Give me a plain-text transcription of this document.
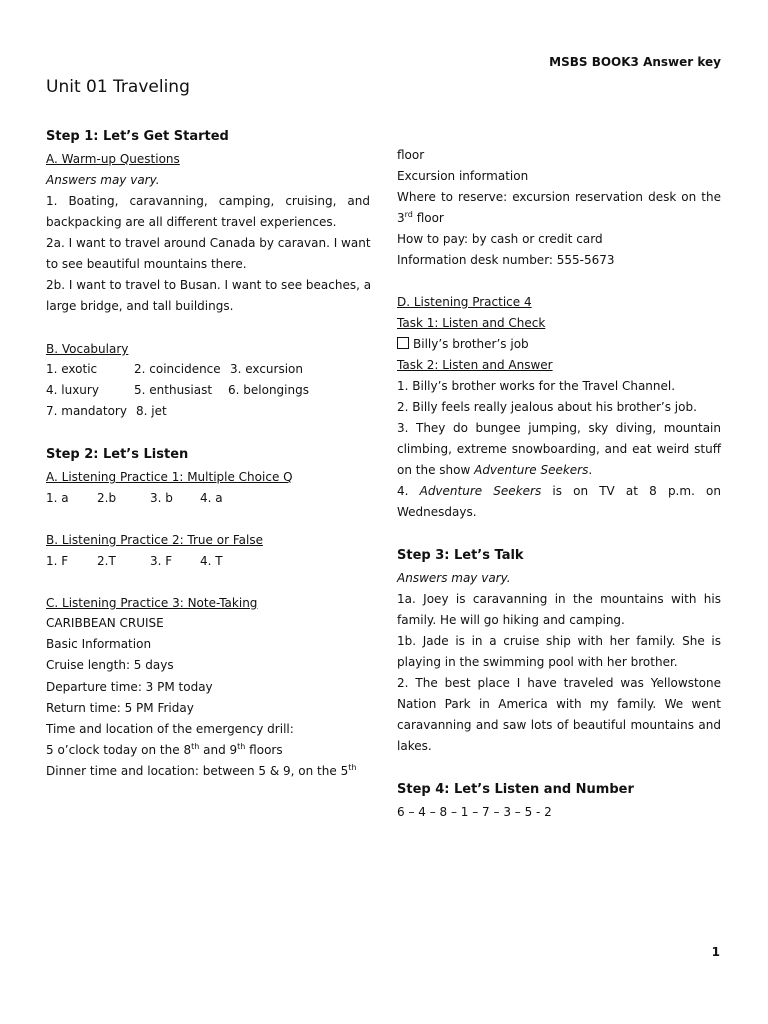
MSBS BOOK3 Answer key
Unit 01 Traveling
Step 1: Let’s Get Started
A. Warm-up Questions
Answers may vary.
1. Boating, caravanning, camping, cruising, and
backpacking are all different travel experiences.
2a. I want to travel around Canada by caravan. I want
to see beautiful mountains there.
2b. I want to travel to Busan. I want to see beaches, a
large bridge, and tall buildings.
B. Vocabulary
1. exotic	2. coincidence 3. excursion
4. luxury	5. enthusiast 6. belongings
7. mandatory 8. jet
Step 2: Let’s Listen
A. Listening Practice 1: Multiple Choice Q
1. a 2.b	3. b 4. a
B. Listening Practice 2: True or False
1. F 2.T	3. F 4. T
C. Listening Practice 3: Note-Taking
CARIBBEAN CRUISE
Basic Information
Cruise length: 5 days
Departure time: 3 PM today
Return time: 5 PM Friday
Time and location of the emergency drill:
5 o’clock today on the 8th and 9th floors
Dinner time and location: between 5 & 9, on the 5th
floor
Excursion information
Where to reserve: excursion reservation desk on the
3rd floor
How to pay: by cash or credit card
Information desk number: 555-5673
D. Listening Practice 4
Task 1: Listen and Check
Billy’s brother’s job
Task 2: Listen and Answer
1. Billy’s brother works for the Travel Channel.
2. Billy feels really jealous about his brother’s job.
3. They do bungee jumping, sky diving, mountain
climbing, extreme snowboarding, and eat weird stuff
on the show Adventure Seekers.
4. Adventure Seekers is on TV at 8 p.m. on
Wednesdays.
Step 3: Let’s Talk
Answers may vary.
1a. Joey is caravanning in the mountains with his
family. He will go hiking and camping.
1b. Jade is in a cruise ship with her family. She is
playing in the swimming pool with her brother.
2. The best place I have traveled was Yellowstone
Nation Park in America with my family. We went
caravanning and saw lots of beautiful mountains and
lakes.
Step 4: Let’s Listen and Number
6 – 4 – 8 – 1 – 7 – 3 – 5 - 2
1
